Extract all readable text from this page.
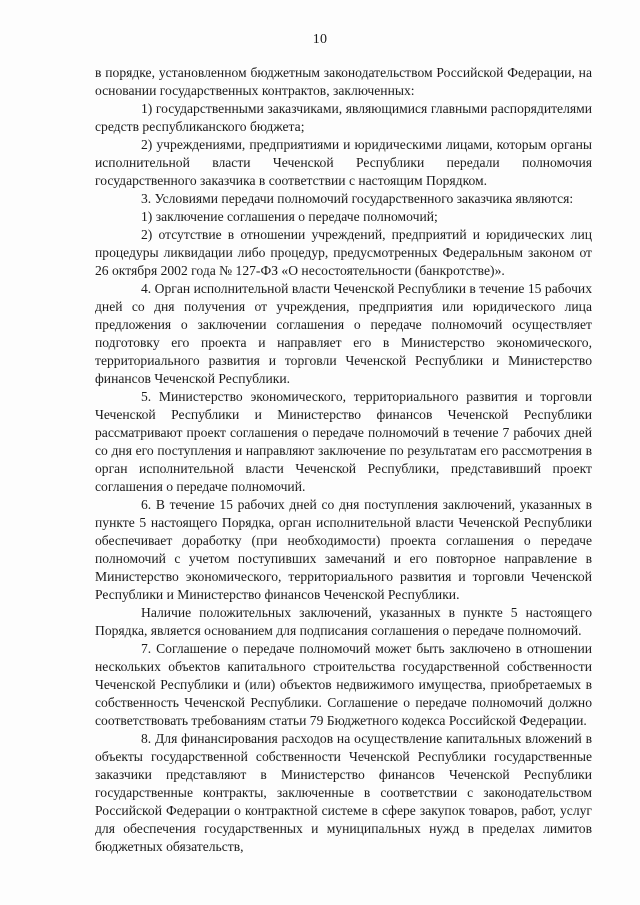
10

в порядке, установленном бюджетным законодательством Российской Федерации, на основании государственных контрактов, заключенных:

1) государственными заказчиками, являющимися главными распорядителями средств республиканского бюджета;

2) учреждениями, предприятиями и юридическими лицами, которым органы исполнительной власти Чеченской Республики передали полномочия государственного заказчика в соответствии с настоящим Порядком.

3. Условиями передачи полномочий государственного заказчика являются:

1) заключение соглашения о передаче полномочий;

2) отсутствие в отношении учреждений, предприятий и юридических лиц процедуры ликвидации либо процедур, предусмотренных Федеральным законом от 26 октября 2002 года № 127-ФЗ «О несостоятельности (банкротстве)».

4. Орган исполнительной власти Чеченской Республики в течение 15 рабочих дней со дня получения от учреждения, предприятия или юридического лица предложения о заключении соглашения о передаче полномочий осуществляет подготовку его проекта и направляет его в Министерство экономического, территориального развития и торговли Чеченской Республики и Министерство финансов Чеченской Республики.

5. Министерство экономического, территориального развития и торговли Чеченской Республики и Министерство финансов Чеченской Республики рассматривают проект соглашения о передаче полномочий в течение 7 рабочих дней со дня его поступления и направляют заключение по результатам его рассмотрения в орган исполнительной власти Чеченской Республики, представивший проект соглашения о передаче полномочий.

6. В течение 15 рабочих дней со дня поступления заключений, указанных в пункте 5 настоящего Порядка, орган исполнительной власти Чеченской Республики обеспечивает доработку (при необходимости) проекта соглашения о передаче полномочий с учетом поступивших замечаний и его повторное направление в Министерство экономического, территориального развития и торговли Чеченской Республики и Министерство финансов Чеченской Республики.

Наличие положительных заключений, указанных в пункте 5 настоящего Порядка, является основанием для подписания соглашения о передаче полномочий.

7. Соглашение о передаче полномочий может быть заключено в отношении нескольких объектов капитального строительства государственной собственности Чеченской Республики и (или) объектов недвижимого имущества, приобретаемых в собственность Чеченской Республики. Соглашение о передаче полномочий должно соответствовать требованиям статьи 79 Бюджетного кодекса Российской Федерации.

8. Для финансирования расходов на осуществление капитальных вложений в объекты государственной собственности Чеченской Республики государственные заказчики представляют в Министерство финансов Чеченской Республики государственные контракты, заключенные в соответствии с законодательством Российской Федерации о контрактной системе в сфере закупок товаров, работ, услуг для обеспечения государственных и муниципальных нужд в пределах лимитов бюджетных обязательств,
